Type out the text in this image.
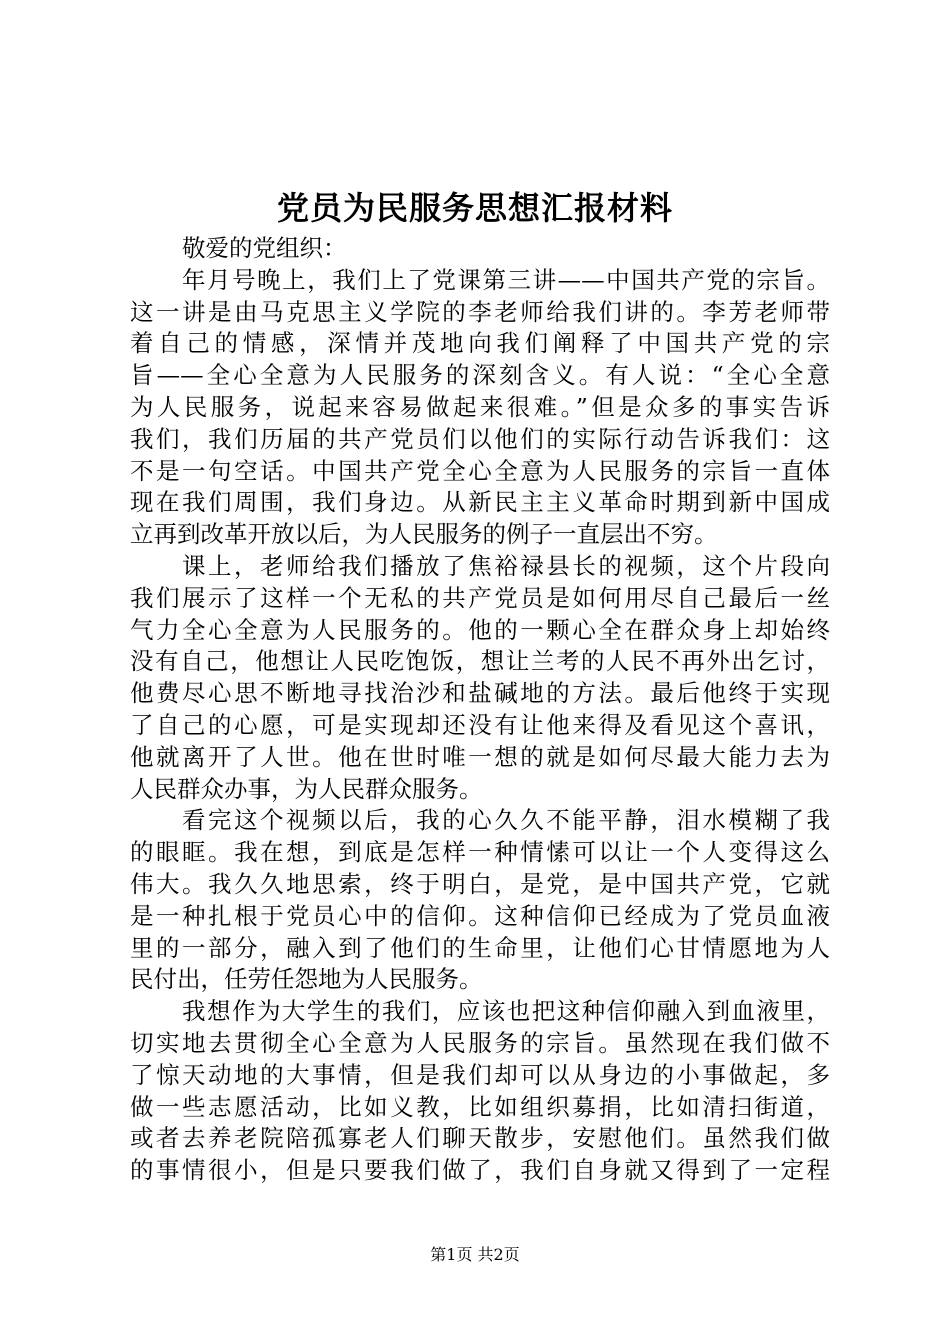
党员为民服务思想汇报材料
敬爱的党组织：
年月号晚上，我们上了党课第三讲——中国共产党的宗旨。
这一讲是由马克思主义学院的李老师给我们讲的。李芳老师带
着自己的情感，深情并茂地向我们阐释了中国共产党的宗
旨——全心全意为人民服务的深刻含义。有人说：“全心全意
为人民服务，说起来容易做起来很难。”但是众多的事实告诉
我们，我们历届的共产党员们以他们的实际行动告诉我们：这
不是一句空话。中国共产党全心全意为人民服务的宗旨一直体
现在我们周围，我们身边。从新民主主义革命时期到新中国成
立再到改革开放以后，为人民服务的例子一直层出不穷。
课上，老师给我们播放了焦裕禄县长的视频，这个片段向
我们展示了这样一个无私的共产党员是如何用尽自己最后一丝
气力全心全意为人民服务的。他的一颗心全在群众身上却始终
没有自己，他想让人民吃饱饭，想让兰考的人民不再外出乞讨，
他费尽心思不断地寻找治沙和盐碱地的方法。最后他终于实现
了自己的心愿，可是实现却还没有让他来得及看见这个喜讯，
他就离开了人世。他在世时唯一想的就是如何尽最大能力去为
人民群众办事，为人民群众服务。
看完这个视频以后，我的心久久不能平静，泪水模糊了我
的眼眶。我在想，到底是怎样一种情愫可以让一个人变得这么
伟大。我久久地思索，终于明白，是党，是中国共产党，它就
是一种扎根于党员心中的信仰。这种信仰已经成为了党员血液
里的一部分，融入到了他们的生命里，让他们心甘情愿地为人
民付出，任劳任怨地为人民服务。
我想作为大学生的我们，应该也把这种信仰融入到血液里，
切实地去贯彻全心全意为人民服务的宗旨。虽然现在我们做不
了惊天动地的大事情，但是我们却可以从身边的小事做起，多
做一些志愿活动，比如义教，比如组织募捐，比如清扫街道，
或者去养老院陪孤寡老人们聊天散步，安慰他们。虽然我们做
的事情很小，但是只要我们做了，我们自身就又得到了一定程
第1页 共2页
